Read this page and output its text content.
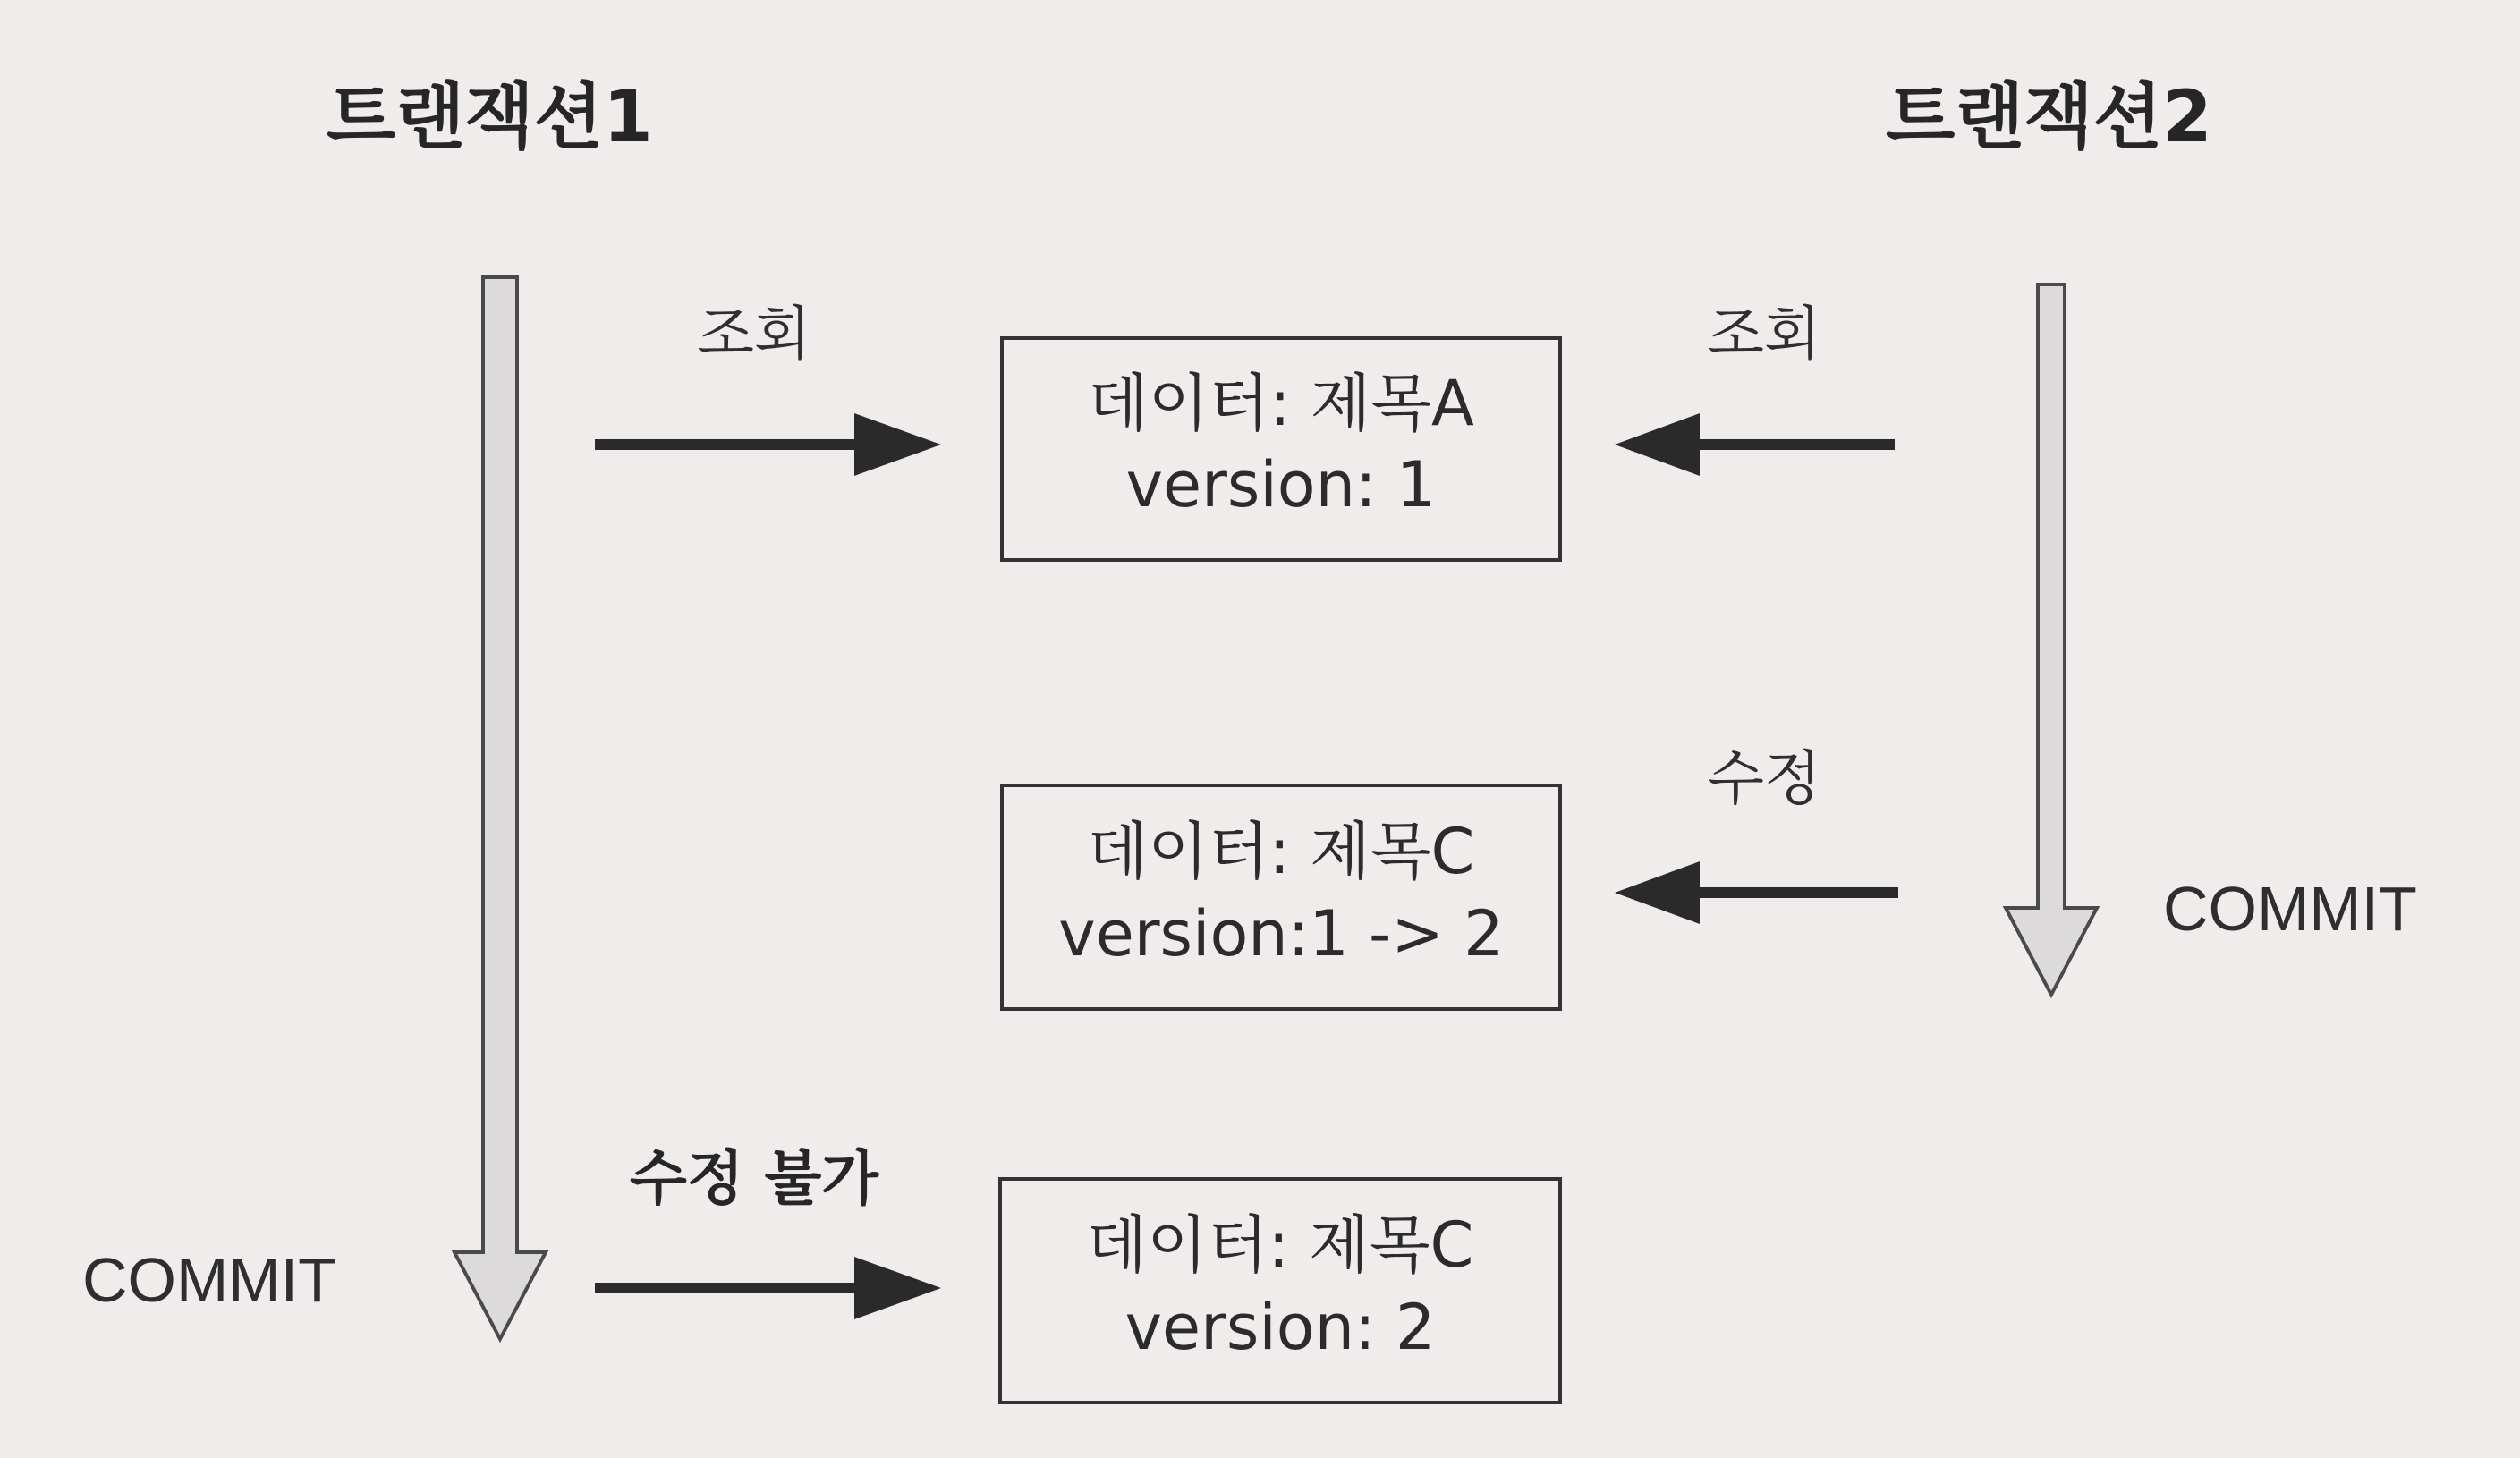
트랜잭션1	트랜잭션2
데이터: 제목A
version: 1
데이터: 제목C
version:1 -> 2
데이터: 제목C
version: 2
조회	조회
수정
COMMIT
수정 불가
COMMIT
